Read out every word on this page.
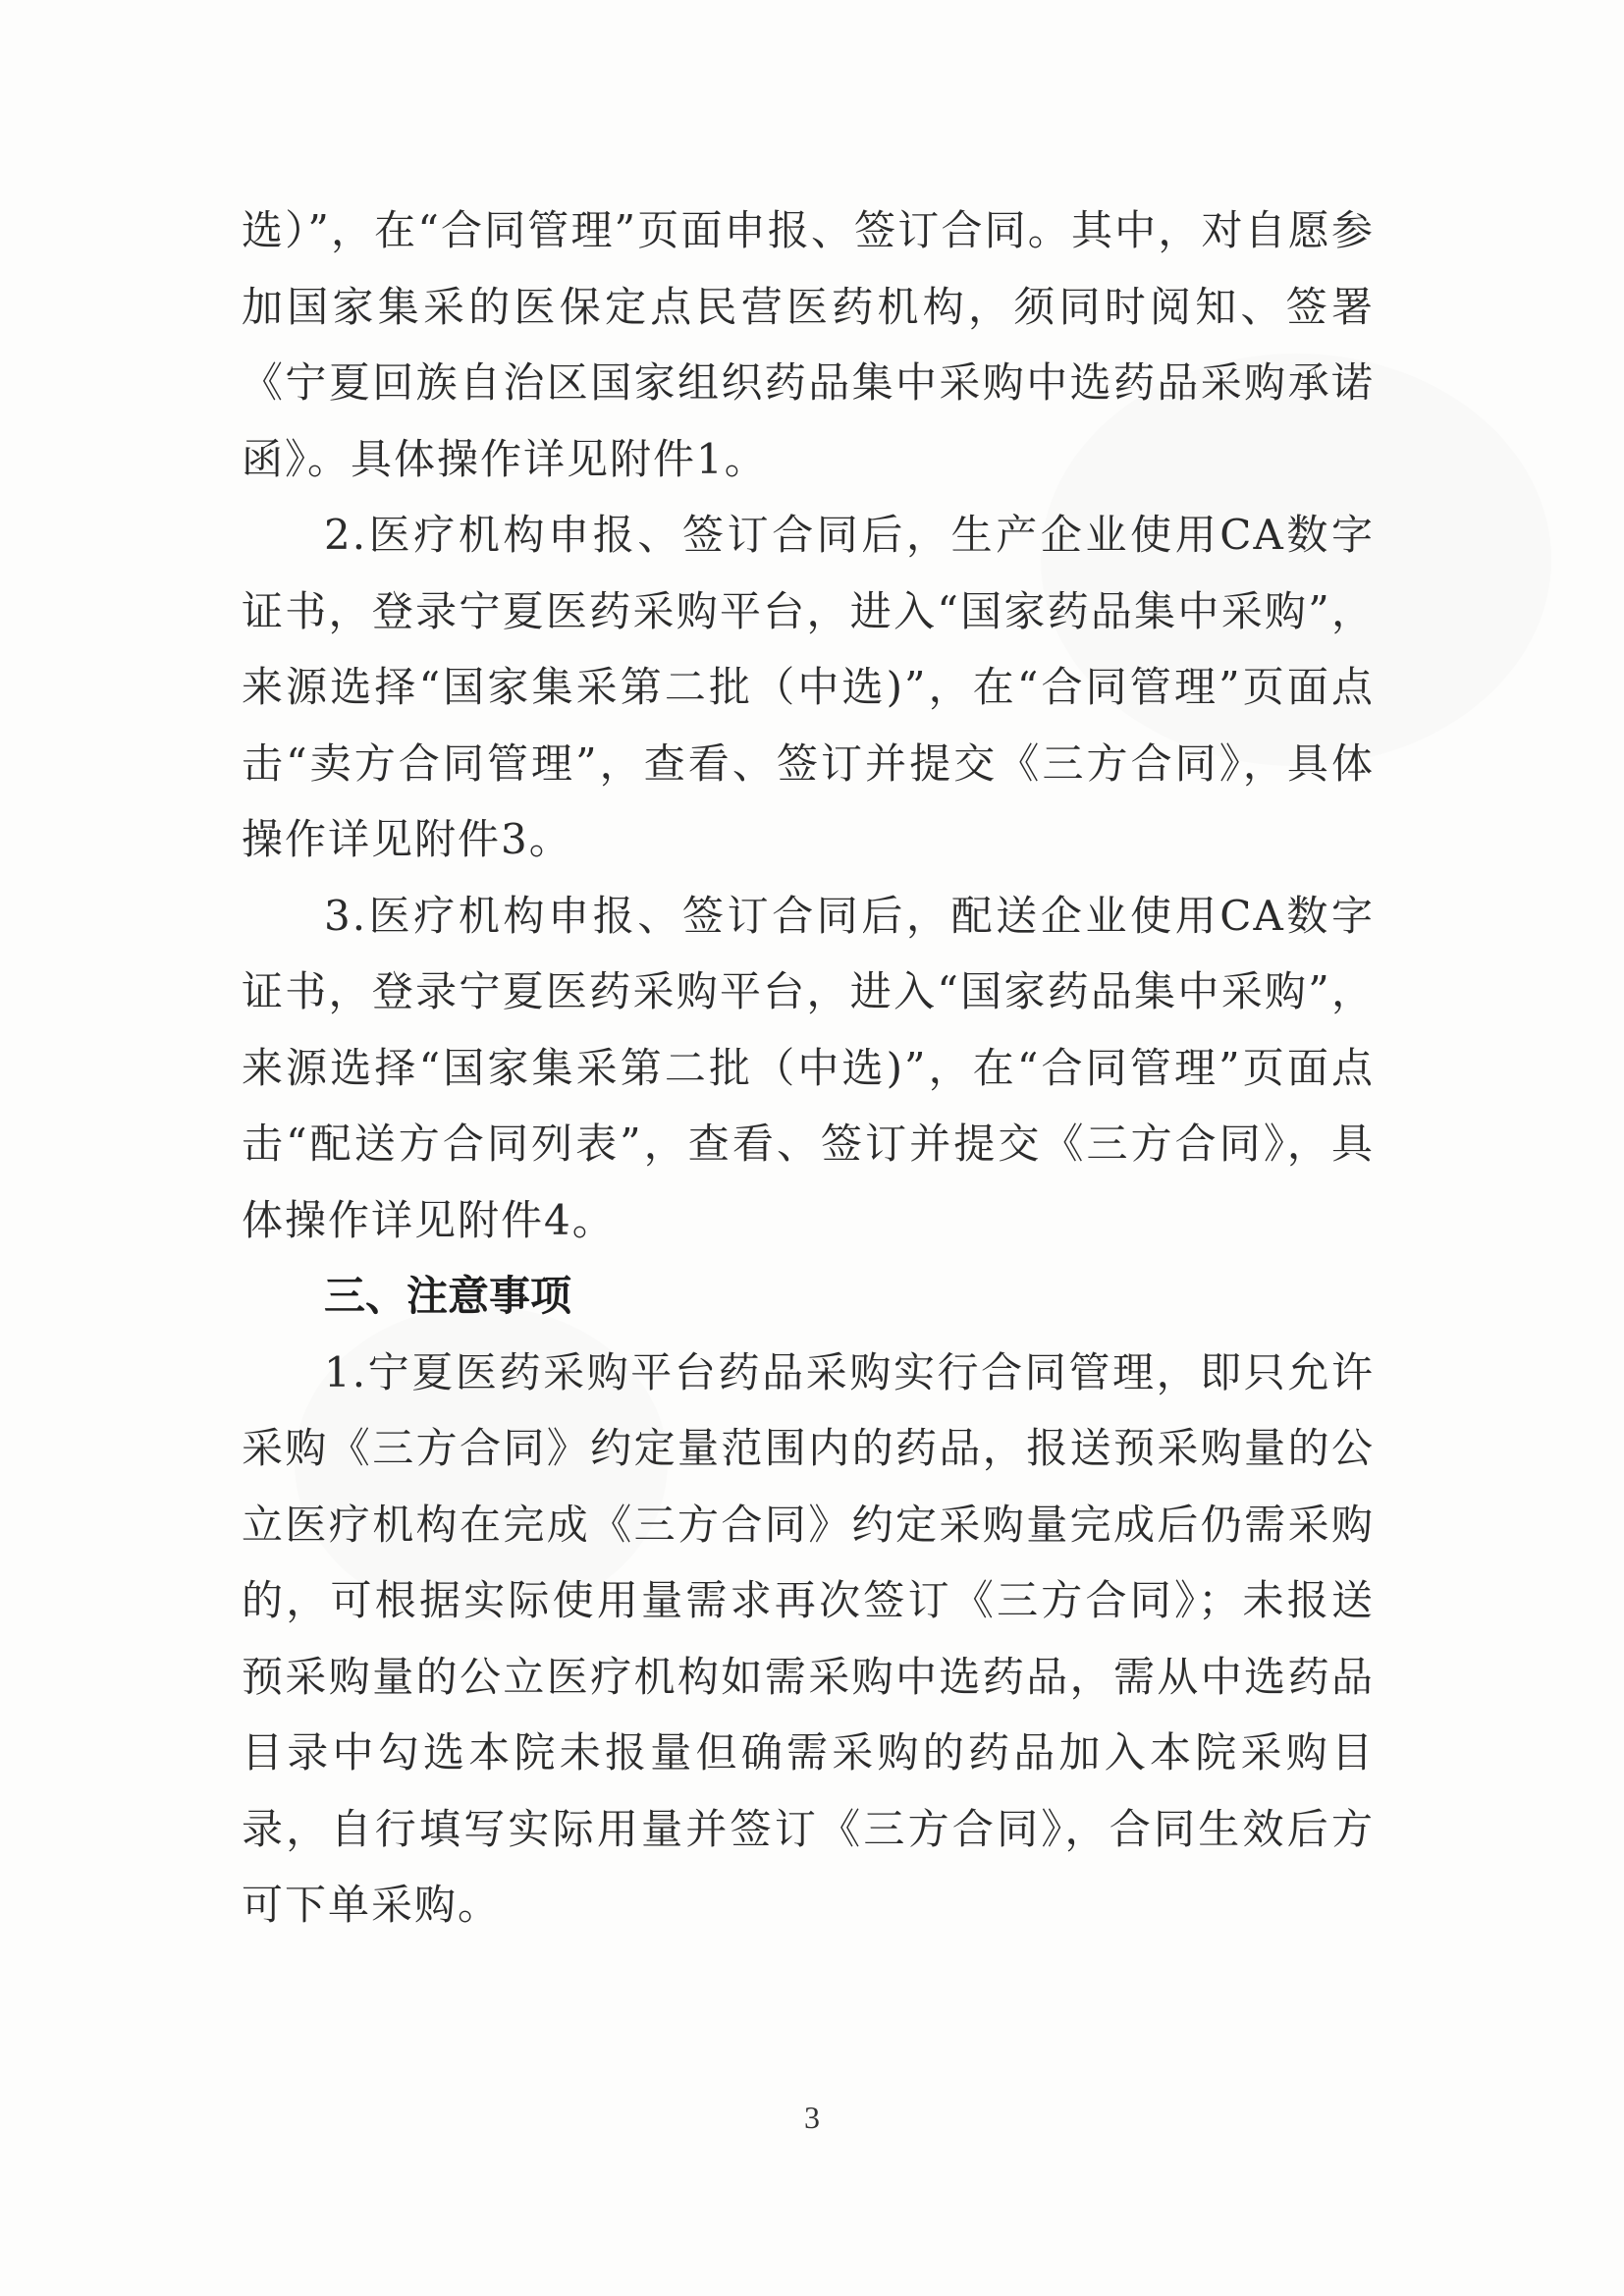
选）”，在“合同管理”页面申报、签订合同。其中，对自愿参加国家集采的医保定点民营医药机构，须同时阅知、签署《宁夏回族自治区国家组织药品集中采购中选药品采购承诺函》。具体操作详见附件1。

2.医疗机构申报、签订合同后，生产企业使用CA数字证书，登录宁夏医药采购平台，进入“国家药品集中采购”，来源选择“国家集采第二批（中选)”，在“合同管理”页面点击“卖方合同管理”，查看、签订并提交《三方合同》，具体操作详见附件3。

3.医疗机构申报、签订合同后，配送企业使用CA数字证书，登录宁夏医药采购平台，进入“国家药品集中采购”，来源选择“国家集采第二批（中选)”，在“合同管理”页面点击“配送方合同列表”，查看、签订并提交《三方合同》，具体操作详见附件4。

三、注意事项

1.宁夏医药采购平台药品采购实行合同管理，即只允许采购《三方合同》约定量范围内的药品，报送预采购量的公立医疗机构在完成《三方合同》约定采购量完成后仍需采购的，可根据实际使用量需求再次签订《三方合同》；未报送预采购量的公立医疗机构如需采购中选药品，需从中选药品目录中勾选本院未报量但确需采购的药品加入本院采购目录，自行填写实际用量并签订《三方合同》，合同生效后方可下单采购。

3
